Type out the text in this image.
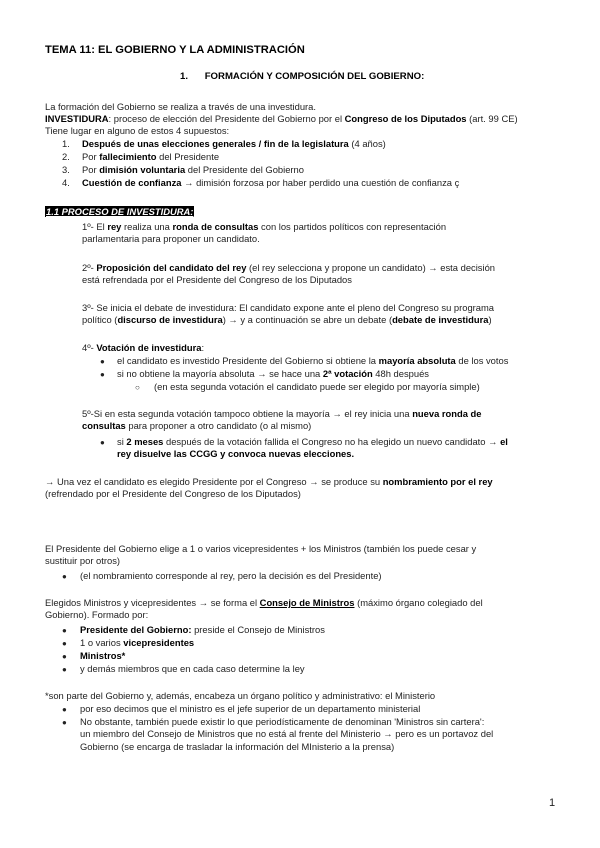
TEMA 11: EL GOBIERNO Y LA ADMINISTRACIÓN
1. FORMACIÓN Y COMPOSICIÓN DEL GOBIERNO:
La formación del Gobierno se realiza a través de una investidura.
INVESTIDURA: proceso de elección del Presidente del Gobierno por el Congreso de los Diputados (art. 99 CE)
Tiene lugar en alguno de estos 4 supuestos:
1. Después de unas elecciones generales / fin de la legislatura (4 años)
2. Por fallecimiento del Presidente
3. Por dimisión voluntaria del Presidente del Gobierno
4. Cuestión de confianza → dimisión forzosa por haber perdido una cuestión de confianza ç
1.1 PROCESO DE INVESTIDURA:
1º- El rey realiza una ronda de consultas con los partidos políticos con representación
parlamentaria para proponer un candidato.
2º- Proposición del candidato del rey (el rey selecciona y propone un candidato) → esta decisión
está refrendada por el Presidente del Congreso de los Diputados
3º- Se inicia el debate de investidura: El candidato expone ante el pleno del Congreso su programa
político (discurso de investidura) → y a continuación se abre un debate (debate de investidura)
4º- Votación de investidura:
● el candidato es investido Presidente del Gobierno si obtiene la mayoría absoluta de los votos
● si no obtiene la mayoría absoluta → se hace una 2ª votación 48h después
○ (en esta segunda votación el candidato puede ser elegido por mayoría simple)
5º-Si en esta segunda votación tampoco obtiene la mayoría → el rey inicia una nueva ronda de
consultas para proponer a otro candidato (o al mismo)
● si 2 meses después de la votación fallida el Congreso no ha elegido un nuevo candidato → el
rey disuelve las CCGG y convoca nuevas elecciones.
→ Una vez el candidato es elegido Presidente por el Congreso → se produce su nombramiento por el rey
(refrendado por el Presidente del Congreso de los Diputados)
El Presidente del Gobierno elige a 1 o varios vicepresidentes + los Ministros (también los puede cesar y
sustituir por otros)
● (el nombramiento corresponde al rey, pero la decisión es del Presidente)
Elegidos Ministros y vicepresidentes → se forma el Consejo de Ministros (máximo órgano colegiado del
Gobierno). Formado por:
● Presidente del Gobierno: preside el Consejo de Ministros
● 1 o varios vicepresidentes
● Ministros*
● y demás miembros que en cada caso determine la ley
*son parte del Gobierno y, además, encabeza un órgano político y administrativo: el Ministerio
● por eso decimos que el ministro es el jefe superior de un departamento ministerial
● No obstante, también puede existir lo que periodísticamente de denominan 'Ministros sin cartera':
un miembro del Consejo de Ministros que no está al frente del Ministerio → pero es un portavoz del
Gobierno (se encarga de trasladar la información del MInisterio a la prensa)
1
